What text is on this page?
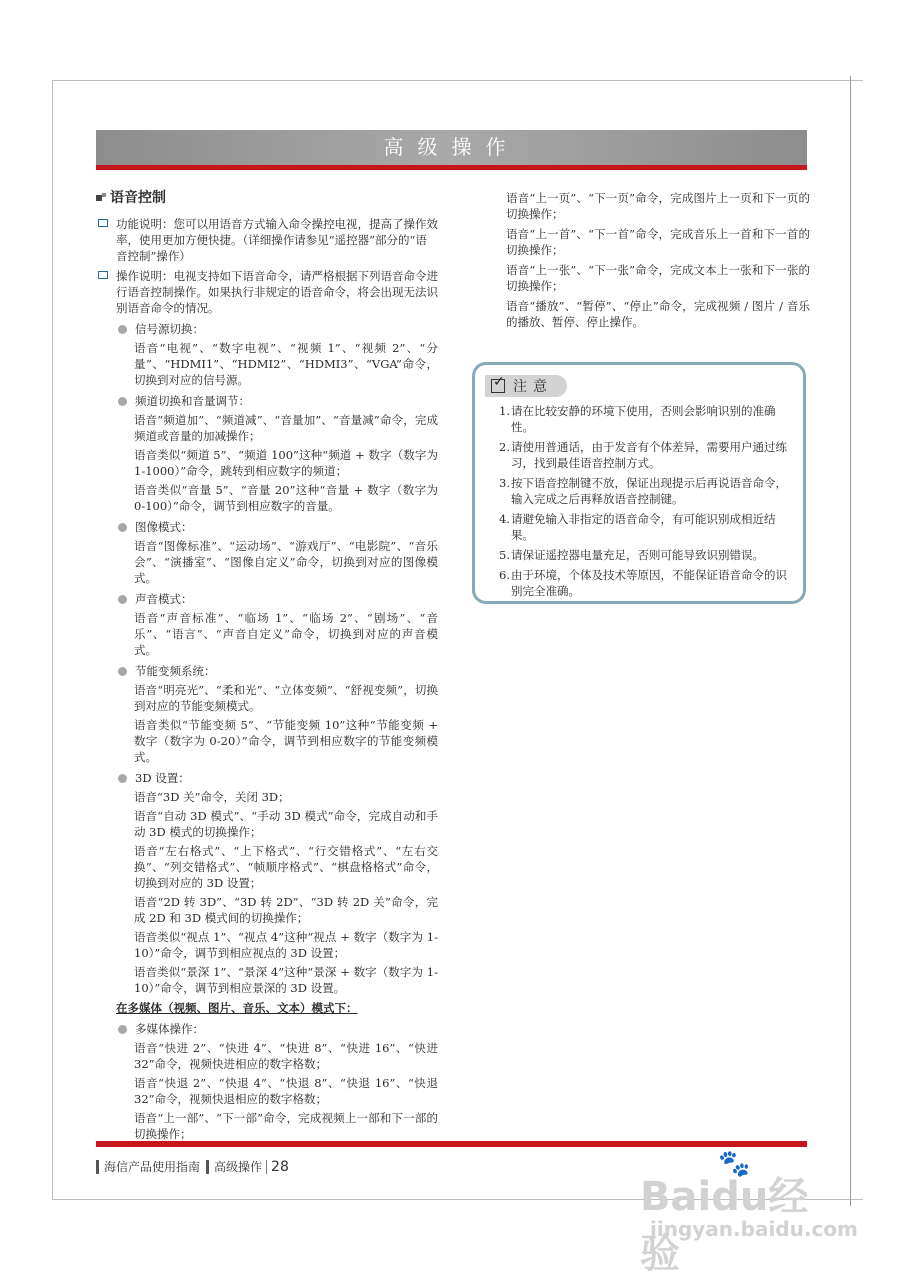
高级操作
语音控制
功能说明：您可以用语音方式输入命令操控电视，提高了操作效率，使用更加方便快捷。（详细操作请参见“遥控器”部分的“语音控制”操作）
操作说明：电视支持如下语音命令，请严格根据下列语音命令进行语音控制操作。如果执行非规定的语音命令，将会出现无法识别语音命令的情况。
信号源切换：
语音“电视”、“数字电视”、“视频 1”、“视频 2”、“分量”、“HDMI1”、“HDMI2”、“HDMI3”、“VGA”命令，切换到对应的信号源。
频道切换和音量调节：
语音“频道加”、“频道减”、“音量加”、“音量减”命令，完成频道或音量的加减操作；
语音类似“频道 5”、“频道 100”这种“频道 + 数字（数字为 1-1000）”命令，跳转到相应数字的频道；
语音类似“音量 5”、“音量 20”这种“音量 + 数字（数字为 0-100）”命令，调节到相应数字的音量。
图像模式：
语音“图像标准”、“运动场”、“游戏厅”、“电影院”、“音乐会”、“演播室”、“图像自定义”命令，切换到对应的图像模式。
声音模式：
语音“声音标准”、“临场 1”、“临场 2”、“剧场”、“音乐”、“语言”、“声音自定义”命令，切换到对应的声音模式。
节能变频系统：
语音“明亮光”、“柔和光”、“立体变频”、“舒视变频”，切换到对应的节能变频模式。
语音类似“节能变频 5”、“节能变频 10”这种“节能变频 + 数字（数字为 0-20）”命令，调节到相应数字的节能变频模式。
3D 设置：
语音“3D 关”命令，关闭 3D；
语音“自动 3D 模式”、“手动 3D 模式”命令，完成自动和手动 3D 模式的切换操作；
语音“左右格式”、“上下格式”、“行交错格式”、“左右交换”、“列交错格式”、“帧顺序格式”、“棋盘格格式”命令，切换到对应的 3D 设置；
语音“2D 转 3D”、“3D 转 2D”、“3D 转 2D 关”命令，完成 2D 和 3D 模式间的切换操作；
语音类似“视点 1”、“视点 4”这种“视点 + 数字（数字为 1-10）”命令，调节到相应视点的 3D 设置；
语音类似“景深 1”、“景深 4”这种“景深 + 数字（数字为 1-10）”命令，调节到相应景深的 3D 设置。
在多媒体（视频、图片、音乐、文本）模式下：
多媒体操作：
语音“快进 2”、“快进 4”、“快进 8”、“快进 16”、“快进 32”命令，视频快进相应的数字格数；
语音“快退 2”、“快退 4”、“快退 8”、“快退 16”、“快退 32”命令，视频快退相应的数字格数；
语音“上一部”、“下一部”命令，完成视频上一部和下一部的切换操作；
语音“上一页”、“下一页”命令，完成图片上一页和下一页的切换操作；
语音“上一首”、“下一首”命令，完成音乐上一首和下一首的切换操作；
语音“上一张”、“下一张”命令，完成文本上一张和下一张的切换操作；
语音“播放”、“暂停”、“停止”命令，完成视频 / 图片 / 音乐的播放、暂停、停止操作。
✓
注意
1. 请在比较安静的环境下使用，否则会影响识别的准确性。
2. 请使用普通话，由于发音有个体差异，需要用户通过练习，找到最佳语音控制方式。
3. 按下语音控制键不放，保证出现提示后再说语音命令，输入完成之后再释放语音控制键。
4. 请避免输入非指定的语音命令，有可能识别成相近结果。
5. 请保证遥控器电量充足，否则可能导致识别错误。
6. 由于环境，个体及技术等原因，不能保证语音命令的识别完全准确。
海信产品使用指南 高级操作 28	🐾
Baidu经验
jingyan.baidu.com
